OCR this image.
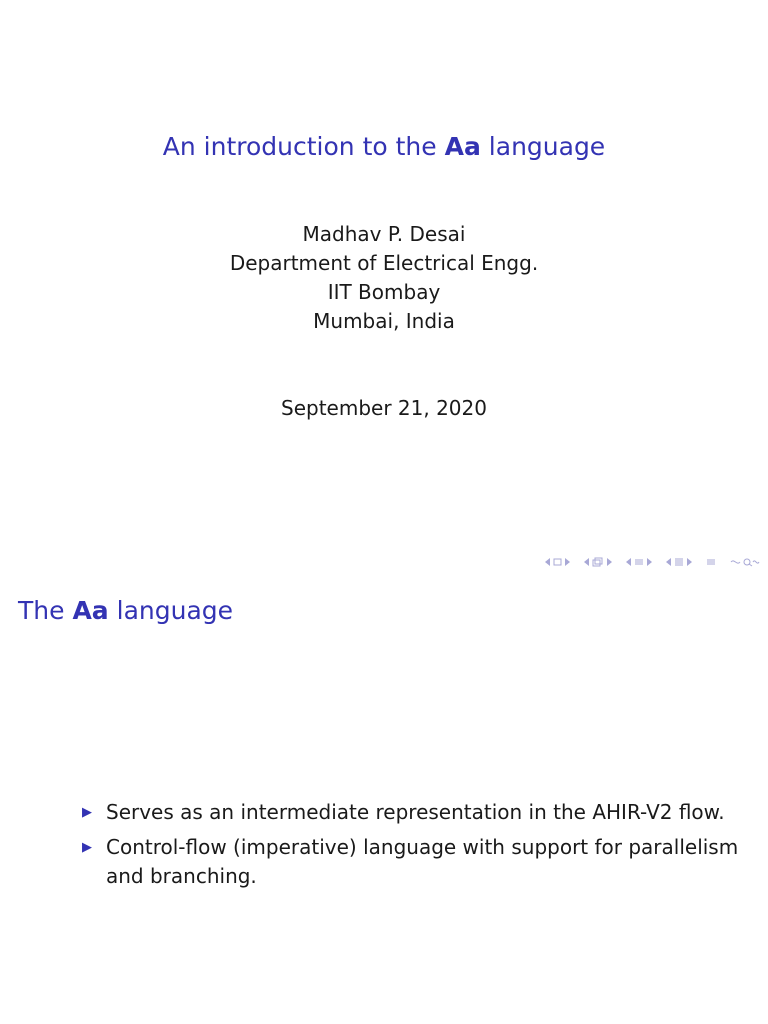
An introduction to the Aa language
Madhav P. Desai
Department of Electrical Engg.
IIT Bombay
Mumbai, India
September 21, 2020
The Aa language
▶ Serves as an intermediate representation in the AHIR-V2 flow.
▶ Control-flow (imperative) language with support for parallelism and branching.
